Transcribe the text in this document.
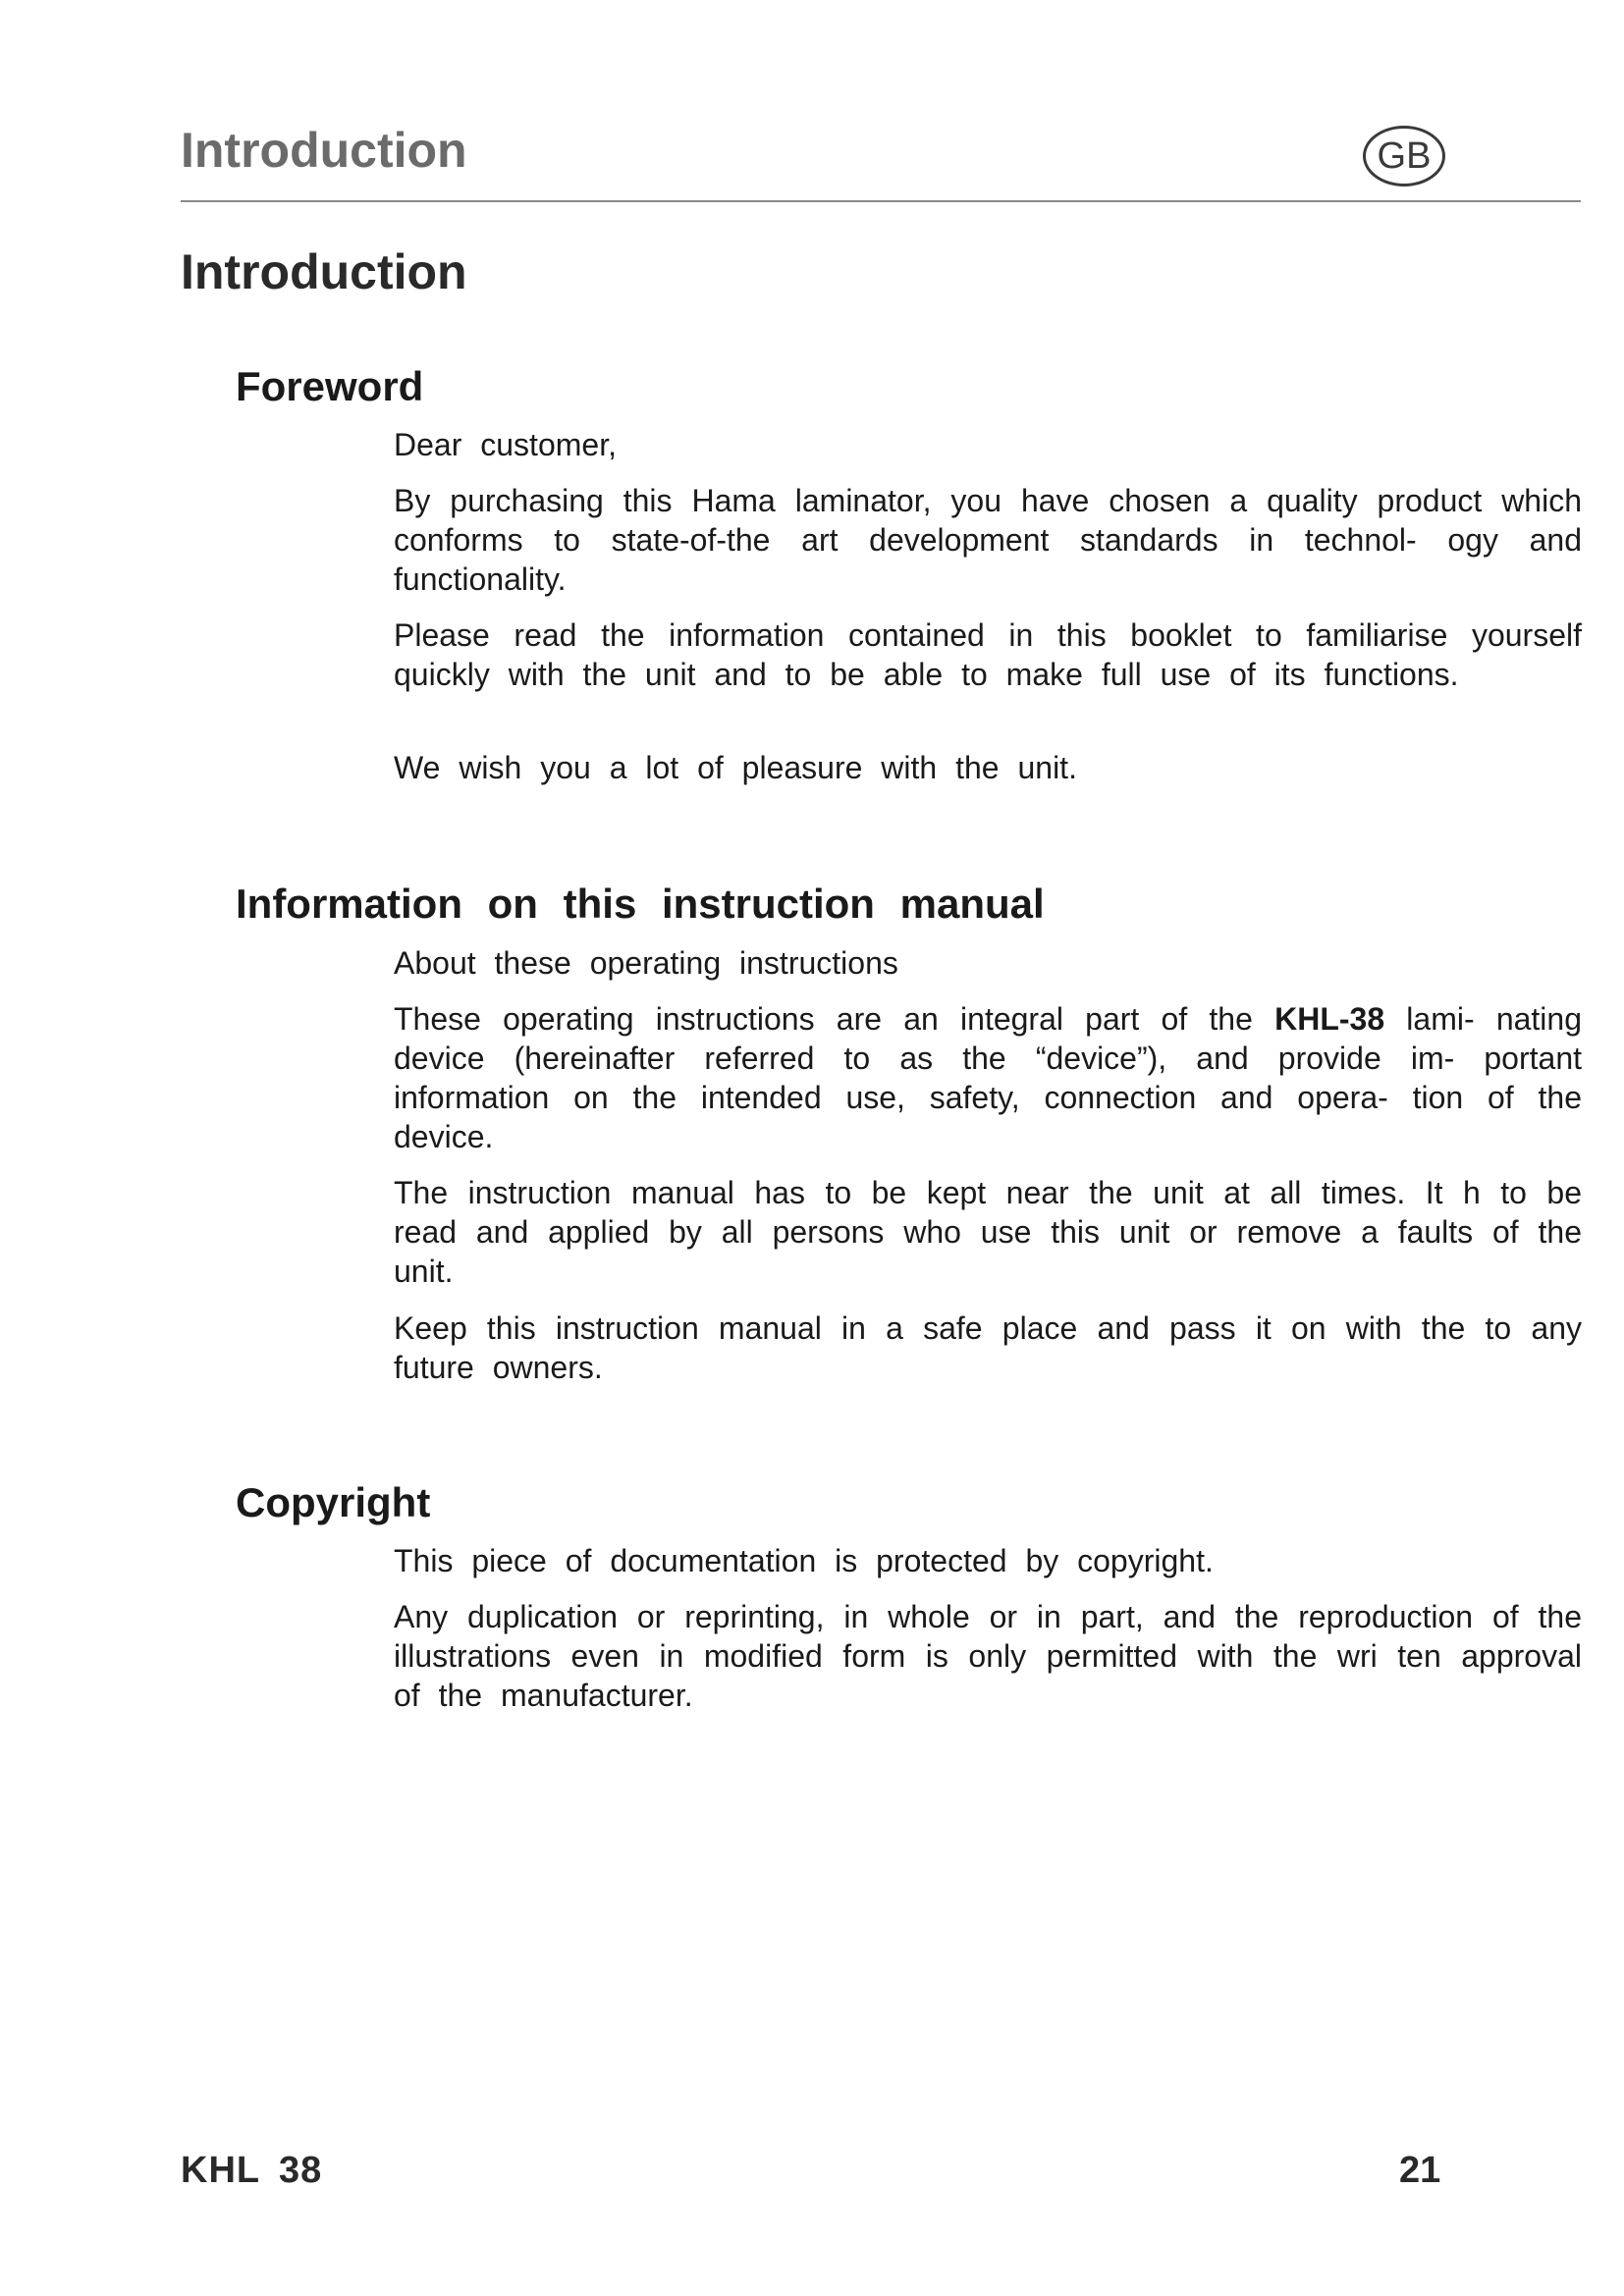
Introduction	GB
Introduction
Foreword

Dear customer,

By purchasing this Hama laminator, you have chosen a quality product which conforms to state-of-the art development standards in technol- ogy and functionality.

Please read the information contained in this booklet to familiarise yourself quickly with the unit and to be able to make full use of its functions.

We wish you a lot of pleasure with the unit.

Information on this instruction manual

About these operating instructions

These operating instructions are an integral part of the KHL-38 lami- nating device (hereinafter referred to as the “device”), and provide im- portant information on the intended use, safety, connection and opera- tion of the device.

The instruction manual has to be kept near the unit at all times. It h to be read and applied by all persons who use this unit or remove a faults of the unit.

Keep this instruction manual in a safe place and pass it on with the to any future owners.

Copyright

This piece of documentation is protected by copyright.

Any duplication or reprinting, in whole or in part, and the reproduction of the illustrations even in modified form is only permitted with the wri ten approval of the manufacturer.

KHL 38	21
